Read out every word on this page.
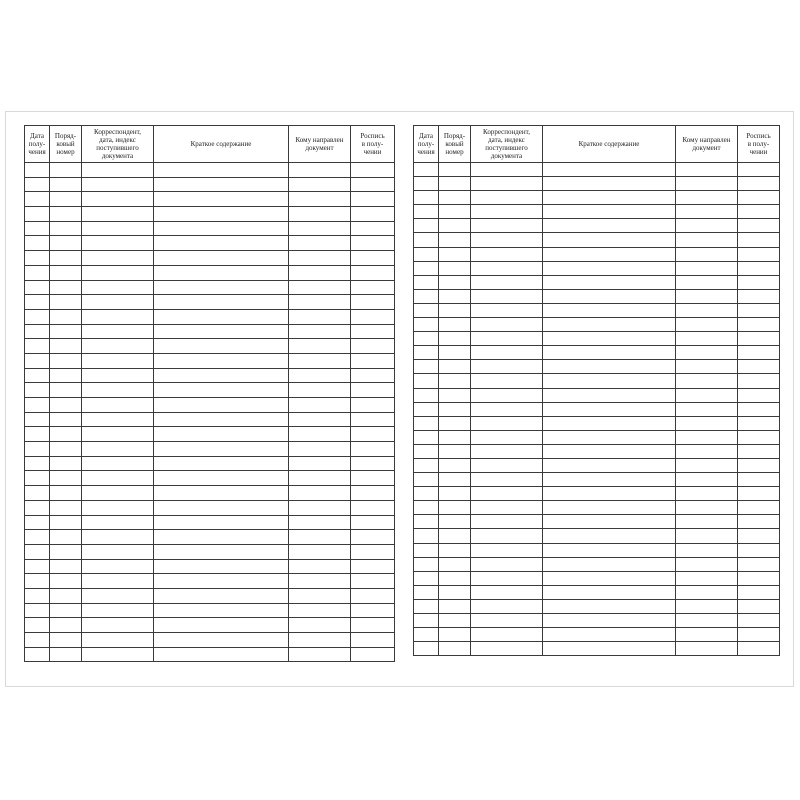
Дата
полу-
чения	Поряд-
ковый
номер	Корреспондент,
дата, индекс
поступившего
документа	Краткое содержание	Кому направлен
документ	Роспись
в полу-
чении

Дата
полу-
чения	Поряд-
ковый
номер	Корреспондент,
дата, индекс
поступившего
документа	Краткое содержание	Кому направлен
документ	Роспись
в полу-
чении
